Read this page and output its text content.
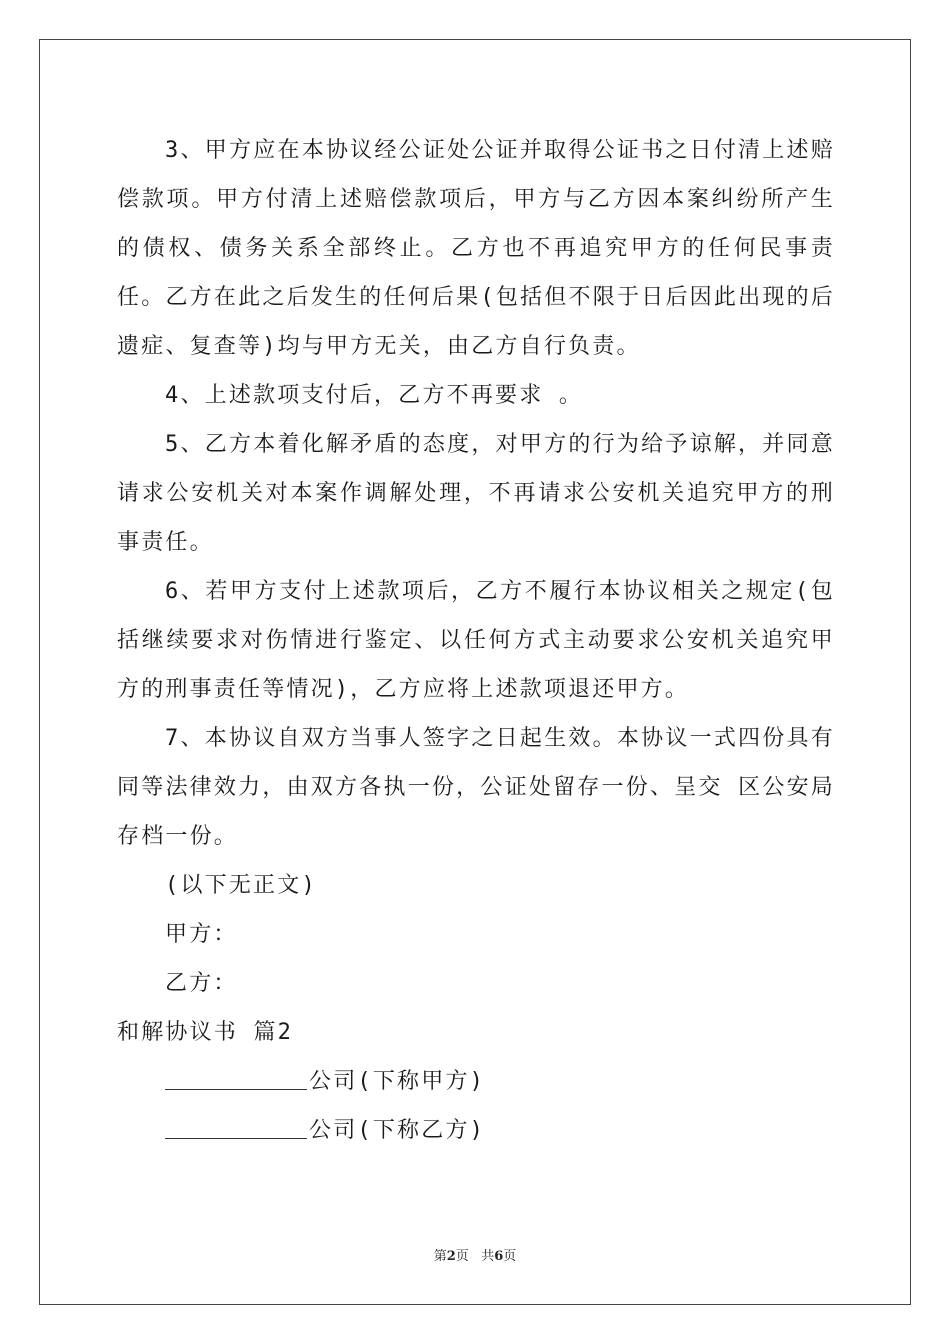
3、甲方应在本协议经公证处公证并取得公证书之日付清上述赔偿款项。甲方付清上述赔偿款项后，甲方与乙方因本案纠纷所产生的债权、债务关系全部终止。乙方也不再追究甲方的任何民事责任。乙方在此之后发生的任何后果(包括但不限于日后因此出现的后遗症、复查等)均与甲方无关，由乙方自行负责。

4、上述款项支付后，乙方不再要求 。

5、乙方本着化解矛盾的态度，对甲方的行为给予谅解，并同意请求公安机关对本案作调解处理，不再请求公安机关追究甲方的刑事责任。

6、若甲方支付上述款项后，乙方不履行本协议相关之规定(包括继续要求对伤情进行鉴定、以任何方式主动要求公安机关追究甲方的刑事责任等情况)，乙方应将上述款项退还甲方。

7、本协议自双方当事人签字之日起生效。本协议一式四份具有同等法律效力，由双方各执一份，公证处留存一份、呈交 区公安局存档一份。

(以下无正文)

甲方：

乙方：

和解协议书 篇2

公司(下称甲方)

公司(下称乙方)

第2页 共6页
